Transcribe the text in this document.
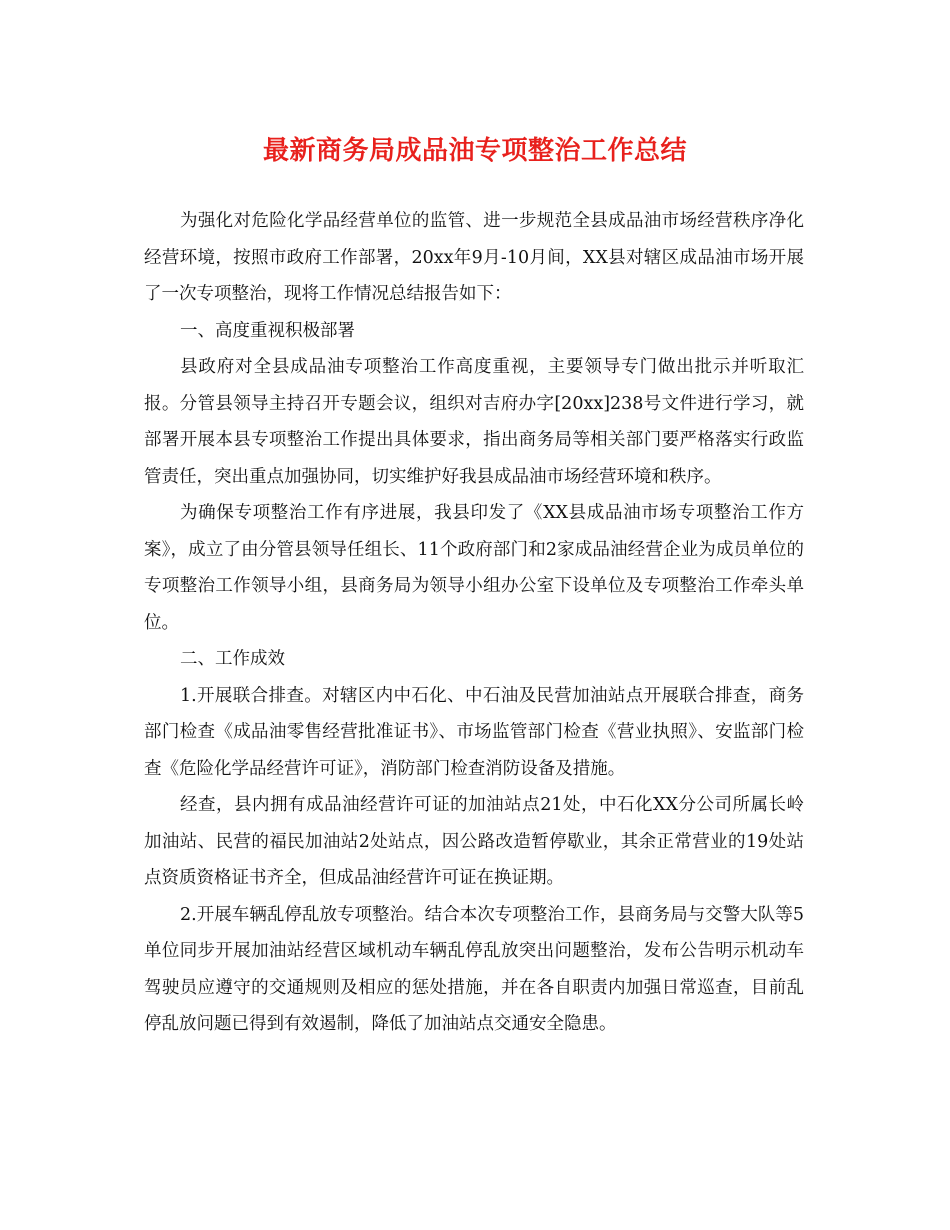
最新商务局成品油专项整治工作总结

为强化对危险化学品经营单位的监管、进一步规范全县成品油市场经营秩序净化经营环境，按照市政府工作部署，20xx年9月-10月间，XX县对辖区成品油市场开展了一次专项整治，现将工作情况总结报告如下：

一、高度重视积极部署

县政府对全县成品油专项整治工作高度重视，主要领导专门做出批示并听取汇报。分管县领导主持召开专题会议，组织对吉府办字[20xx]238号文件进行学习，就部署开展本县专项整治工作提出具体要求，指出商务局等相关部门要严格落实行政监管责任，突出重点加强协同，切实维护好我县成品油市场经营环境和秩序。

为确保专项整治工作有序进展，我县印发了《XX县成品油市场专项整治工作方案》，成立了由分管县领导任组长、11个政府部门和2家成品油经营企业为成员单位的专项整治工作领导小组，县商务局为领导小组办公室下设单位及专项整治工作牵头单位。

二、工作成效

1.开展联合排查。对辖区内中石化、中石油及民营加油站点开展联合排查，商务部门检查《成品油零售经营批准证书》、市场监管部门检查《营业执照》、安监部门检查《危险化学品经营许可证》，消防部门检查消防设备及措施。

经查，县内拥有成品油经营许可证的加油站点21处，中石化XX分公司所属长岭加油站、民营的福民加油站2处站点，因公路改造暂停歇业，其余正常营业的19处站点资质资格证书齐全，但成品油经营许可证在换证期。

2.开展车辆乱停乱放专项整治。结合本次专项整治工作，县商务局与交警大队等5单位同步开展加油站经营区域机动车辆乱停乱放突出问题整治，发布公告明示机动车驾驶员应遵守的交通规则及相应的惩处措施，并在各自职责内加强日常巡查，目前乱停乱放问题已得到有效遏制，降低了加油站点交通安全隐患。
